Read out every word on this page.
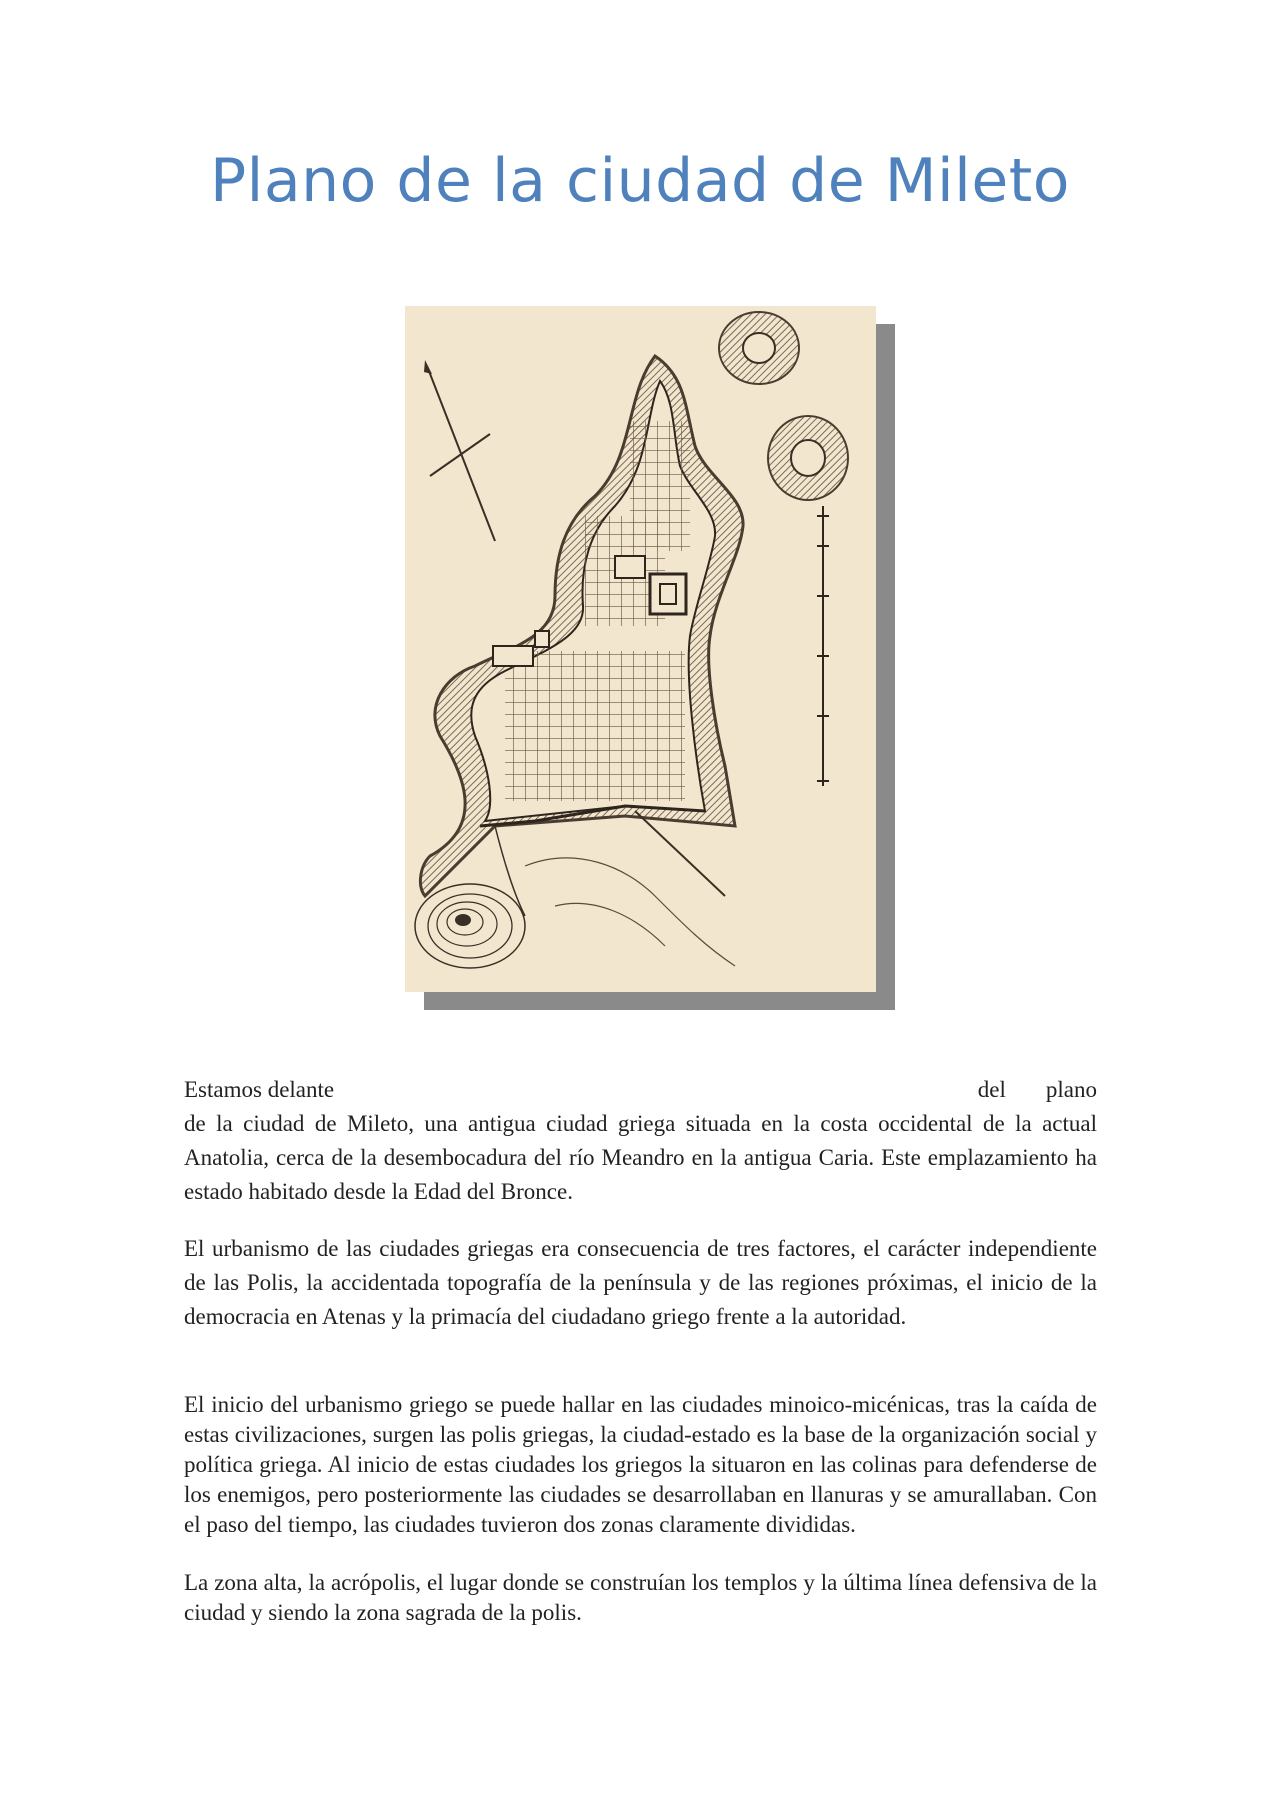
Plano de la ciudad de Mileto
Estamos delante	del plano
de la ciudad de Mileto, una antigua ciudad griega situada en la costa occidental de la actual Anatolia, cerca de la desembocadura del río Meandro en la antigua Caria. Este emplazamiento ha estado habitado desde la Edad del Bronce.

El urbanismo de las ciudades griegas era consecuencia de tres factores, el carácter independiente de las Polis, la accidentada topografía de la península y de las regiones próximas, el inicio de la democracia en Atenas y la primacía del ciudadano griego frente a la autoridad.

El inicio del urbanismo griego se puede hallar en las ciudades minoico-micénicas, tras la caída de estas civilizaciones, surgen las polis griegas, la ciudad-estado es la base de la organización social y política griega. Al inicio de estas ciudades los griegos la situaron en las colinas para defenderse de los enemigos, pero posteriormente las ciudades se desarrollaban en llanuras y se amurallaban. Con el paso del tiempo, las ciudades tuvieron dos zonas claramente divididas.

La zona alta, la acrópolis, el lugar donde se construían los templos y la última línea defensiva de la ciudad y siendo la zona sagrada de la polis.
